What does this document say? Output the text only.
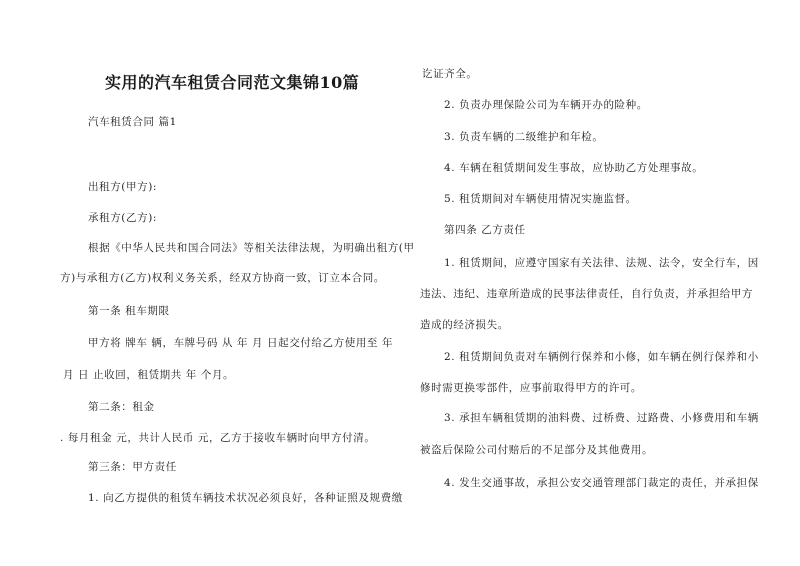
实用的汽车租赁合同范文集锦10篇
汽车租赁合同 篇1
出租方(甲方):
承租方(乙方):
根据《中华人民共和国合同法》等相关法律法规，为明确出租方(甲
方)与承租方(乙方)权利义务关系，经双方协商一致，订立本合同。
第一条 租车期限
甲方将 牌车 辆，车牌号码 从 年 月 日起交付给乙方使用至 年
月 日 止收回，租赁期共 年 个月。
第二条：租金
. 每月租金 元，共计人民币 元，乙方于接收车辆时向甲方付清。
第三条：甲方责任
1. 向乙方提供的租赁车辆技术状况必须良好，各种证照及规费缴
讫证齐全。
2. 负责办理保险公司为车辆开办的险种。
3. 负责车辆的二级维护和年检。
4. 车辆在租赁期间发生事故，应协助乙方处理事故。
5. 租赁期间对车辆使用情况实施监督。
第四条 乙方责任
1. 租赁期间，应遵守国家有关法律、法规、法令，安全行车，因
违法、违纪、违章所造成的民事法律责任，自行负责，并承担给甲方
造成的经济损失。
2. 租赁期间负责对车辆例行保养和小修，如车辆在例行保养和小
修时需更换零部件，应事前取得甲方的许可。
3. 承担车辆租赁期的油料费、过桥费、过路费、小修费用和车辆
被盗后保险公司付赔后的不足部分及其他费用。
4. 发生交通事故，承担公安交通管理部门裁定的责任，并承担保
